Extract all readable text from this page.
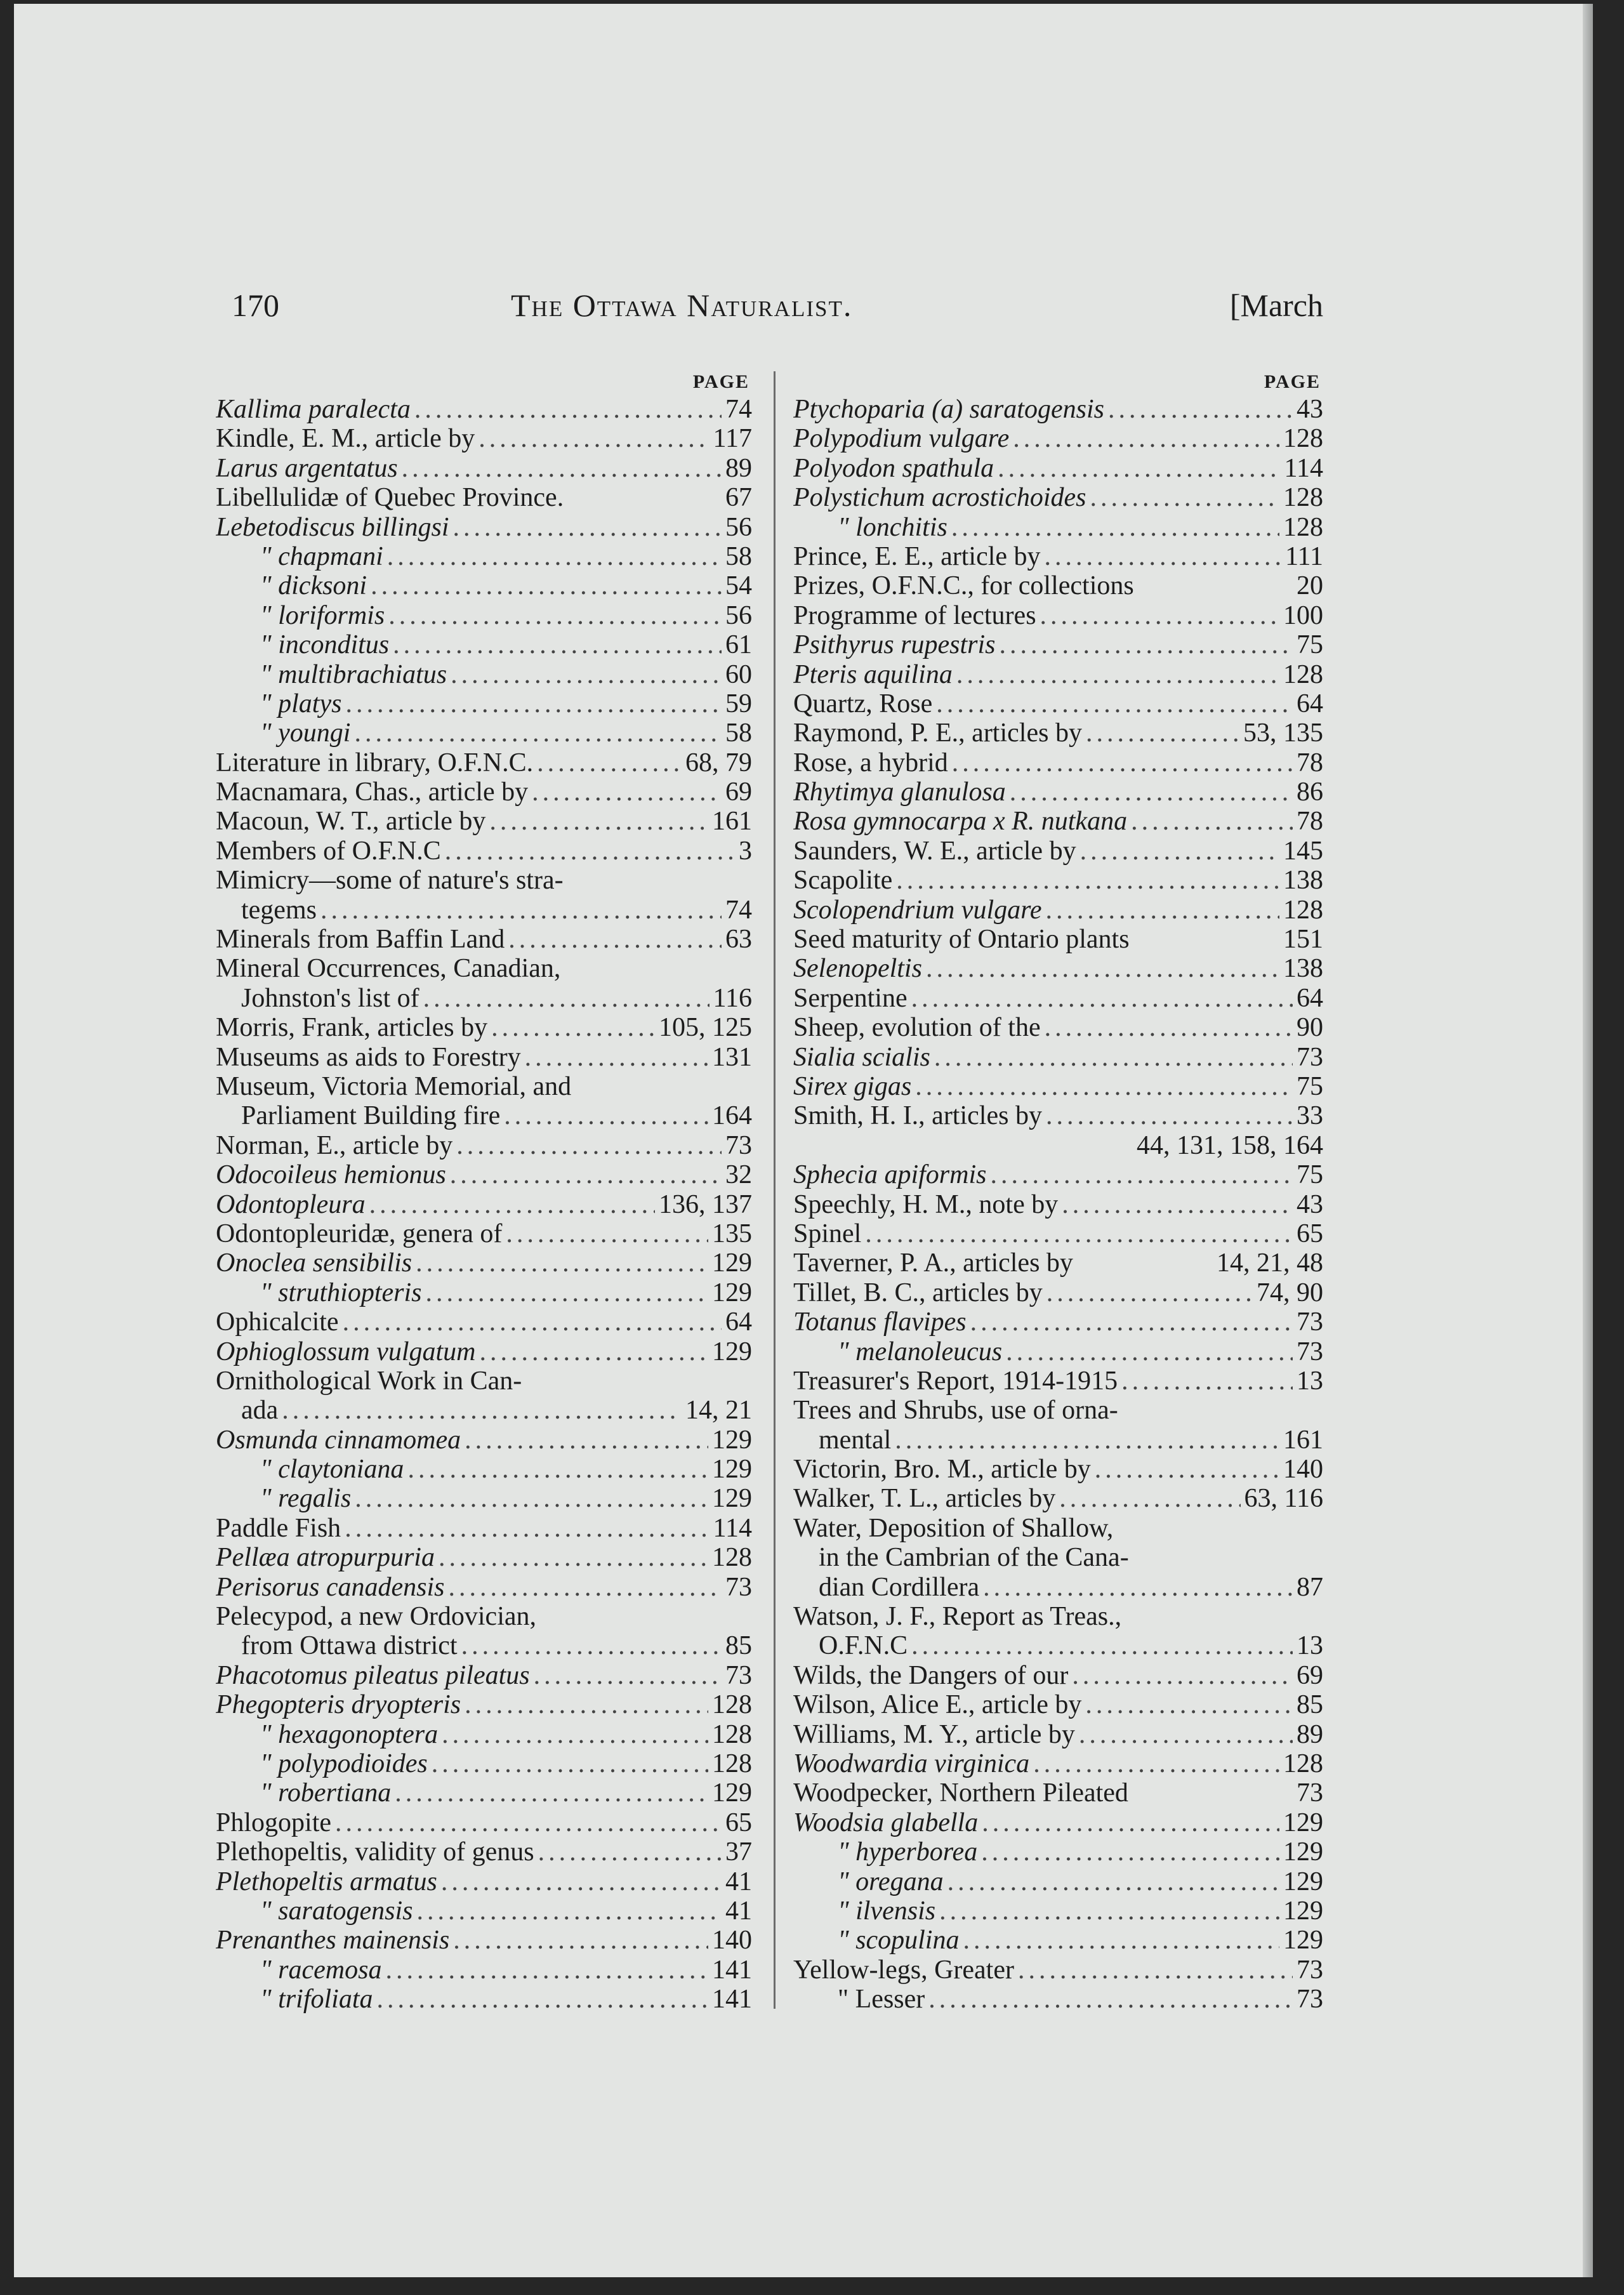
170	The Ottawa Naturalist.	[March
PAGE
Kallima paralecta .....	74
Kindle, E. M., article by .....	117
Larus argentatus .....	89
Libellulidæ of Quebec Province.	67
Lebetodiscus billingsi .....	56
" chapmani .....	58
" dicksoni .....	54
" loriformis .....	56
" inconditus .....	61
" multibrachiatus .....	60
" platys .....	59
" youngi .....	58
Literature in library, O.F.N.C. .....	68, 79
Macnamara, Chas., article by .....	69
Macoun, W. T., article by .....	161
Members of O.F.N.C .....	3
Mimicry—some of nature's stra-
tegems .....	74
Minerals from Baffin Land .....	63
Mineral Occurrences, Canadian,
Johnston's list of .....	116
Morris, Frank, articles by .....	105, 125
Museums as aids to Forestry .....	131
Museum, Victoria Memorial, and
Parliament Building fire .....	164
Norman, E., article by .....	73
Odocoileus hemionus .....	32
Odontopleura .....	136, 137
Odontopleuridæ, genera of .....	135
Onoclea sensibilis .....	129
" struthiopteris .....	129
Ophicalcite .....	64
Ophioglossum vulgatum .....	129
Ornithological Work in Can-
ada .....	14, 21
Osmunda cinnamomea .....	129
" claytoniana .....	129
" regalis .....	129
Paddle Fish .....	114
Pellæa atropurpuria .....	128
Perisorus canadensis .....	73
Pelecypod, a new Ordovician,
from Ottawa district .....	85
Phacotomus pileatus pileatus .....	73
Phegopteris dryopteris .....	128
" hexagonoptera .....	128
" polypodioides .....	128
" robertiana .....	129
Phlogopite .....	65
Plethopeltis, validity of genus .....	37
Plethopeltis armatus .....	41
" saratogensis .....	41
Prenanthes mainensis .....	140
" racemosa .....	141
" trifoliata .....	141
PAGE
Ptychoparia (a) saratogensis .....	43
Polypodium vulgare .....	128
Polyodon spathula .....	114
Polystichum acrostichoides .....	128
" lonchitis .....	128
Prince, E. E., article by .....	111
Prizes, O.F.N.C., for collections	20
Programme of lectures .....	100
Psithyrus rupestris .....	75
Pteris aquilina .....	128
Quartz, Rose .....	64
Raymond, P. E., articles by .....	53, 135
Rose, a hybrid .....	78
Rhytimya glanulosa .....	86
Rosa gymnocarpa x R. nutkana .....	78
Saunders, W. E., article by .....	145
Scapolite .....	138
Scolopendrium vulgare .....	128
Seed maturity of Ontario plants	151
Selenopeltis .....	138
Serpentine .....	64
Sheep, evolution of the .....	90
Sialia scialis .....	73
Sirex gigas .....	75
Smith, H. I., articles by .....	33
44, 131, 158, 164
Sphecia apiformis .....	75
Speechly, H. M., note by .....	43
Spinel .....	65
Taverner, P. A., articles by	14, 21, 48
Tillet, B. C., articles by .....	74, 90
Totanus flavipes .....	73
" melanoleucus .....	73
Treasurer's Report, 1914-1915 .....	13
Trees and Shrubs, use of orna-
mental .....	161
Victorin, Bro. M., article by .....	140
Walker, T. L., articles by .....	63, 116
Water, Deposition of Shallow,
in the Cambrian of the Cana-
dian Cordillera .....	87
Watson, J. F., Report as Treas.,
O.F.N.C .....	13
Wilds, the Dangers of our .....	69
Wilson, Alice E., article by .....	85
Williams, M. Y., article by .....	89
Woodwardia virginica .....	128
Woodpecker, Northern Pileated	73
Woodsia glabella .....	129
" hyperborea .....	129
" oregana .....	129
" ilvensis .....	129
" scopulina .....	129
Yellow-legs, Greater .....	73
" Lesser .....	73
